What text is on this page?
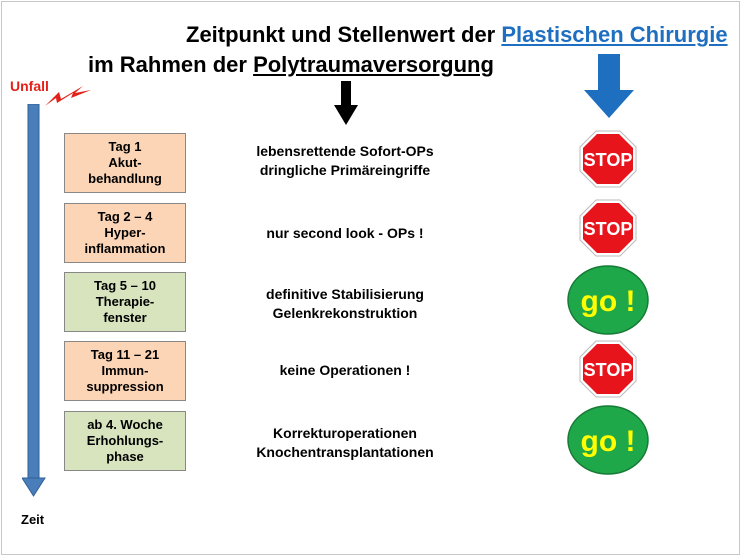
Zeitpunkt und Stellenwert der Plastischen Chirurgie
im Rahmen der Polytraumaversorgung
Unfall
Zeit
Tag 1
Akut-
behandlung
Tag 2 – 4
Hyper-
inflammation
Tag 5 – 10
Therapie-
fenster
Tag 11 – 21
Immun-
suppression
ab 4. Woche
Erhohlungs-
phase
lebensrettende Sofort-OPs
dringliche Primäreingriffe
nur second look - OPs !
definitive Stabilisierung
Gelenkrekonstruktion
keine Operationen !
Korrekturoperationen
Knochentransplantationen
STOP
STOP
go !
STOP
go !
